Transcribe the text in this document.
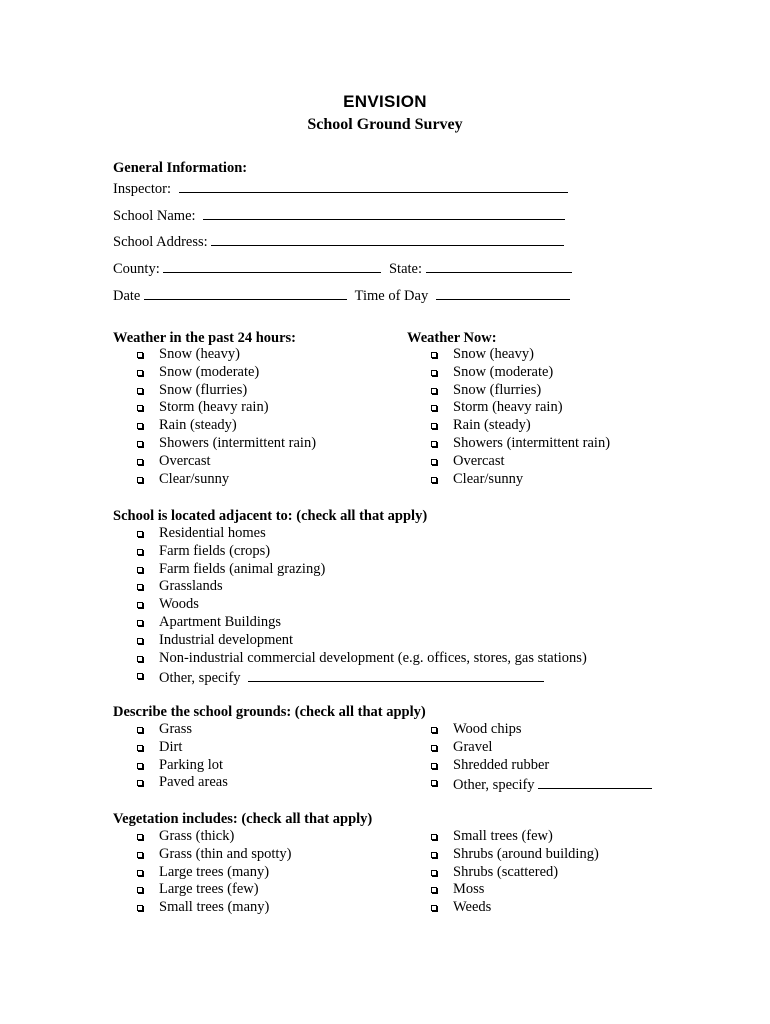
ENVISION
School Ground Survey
General Information:
Inspector:
School Name:
School Address:
County:	State:
Date	Time of Day
Weather in the past 24 hours:
Snow (heavy)
Snow (moderate)
Snow (flurries)
Storm (heavy rain)
Rain (steady)
Showers (intermittent rain)
Overcast
Clear/sunny
Weather Now:
Snow (heavy)
Snow (moderate)
Snow (flurries)
Storm (heavy rain)
Rain (steady)
Showers (intermittent rain)
Overcast
Clear/sunny
School is located adjacent to: (check all that apply)
Residential homes
Farm fields (crops)
Farm fields (animal grazing)
Grasslands
Woods
Apartment Buildings
Industrial development
Non-industrial commercial development (e.g. offices, stores, gas stations)
Other, specify
Describe the school grounds: (check all that apply)
Grass
Dirt
Parking lot
Paved areas
Wood chips
Gravel
Shredded rubber
Other, specify
Vegetation includes: (check all that apply)
Grass (thick)
Grass (thin and spotty)
Large trees (many)
Large trees (few)
Small trees (many)
Small trees (few)
Shrubs (around building)
Shrubs (scattered)
Moss
Weeds
